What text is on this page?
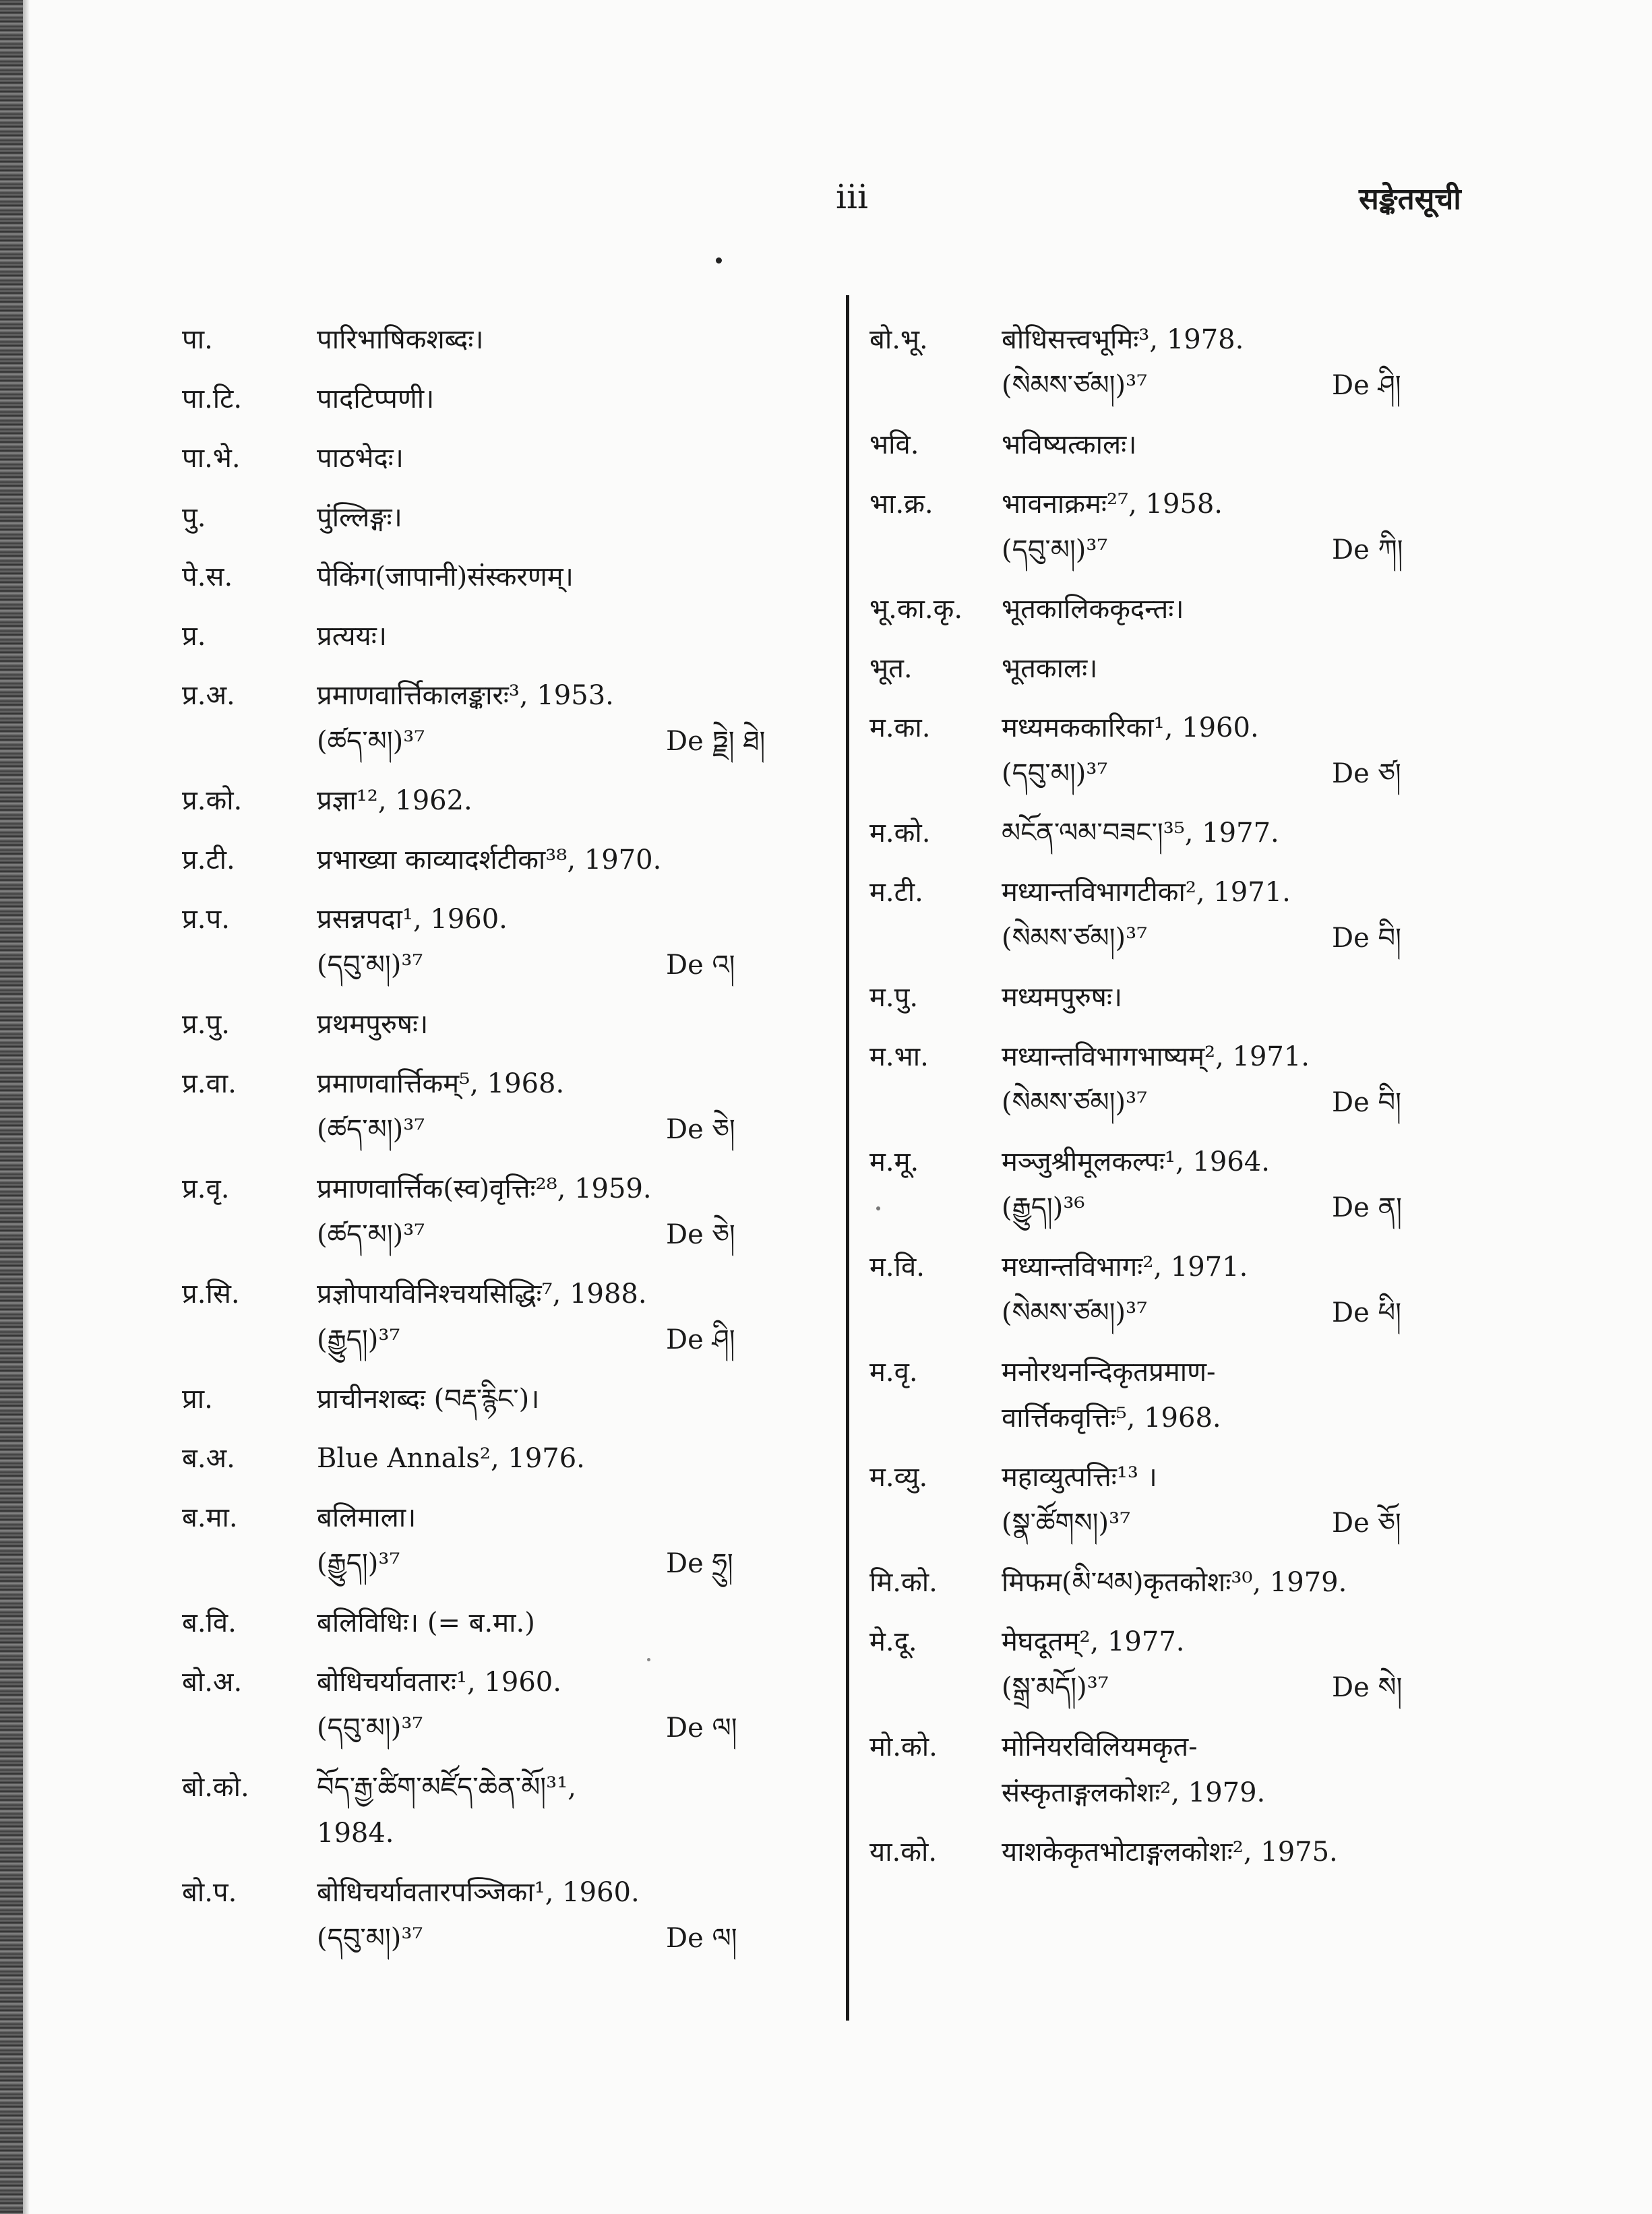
iii	सङ्केतसूची
पा.	पारिभाषिकशब्दः।
पा.टि.	पादटिप्पणी।
पा.भे.	पाठभेदः।
पु.	पुंल्लिङ्गः।
पे.स.	पेकिंग(जापानी)संस्करणम्।
प्र.	प्रत्ययः।
प्र.अ.	प्रमाणवार्त्तिकालङ्कारः³, 1953.
(ཚད་མ།)³⁷	De ཏྗེ། ཐེ།
प्र.को.	प्रज्ञा¹², 1962.
प्र.टी.	प्रभाख्या काव्यादर्शटीका³⁸, 1970.
प्र.प.	प्रसन्नपदा¹, 1960.
(དབུ་མ།)³⁷	De འ།
प्र.पु.	प्रथमपुरुषः।
प्र.वा.	प्रमाणवार्त्तिकम्⁵, 1968.
(ཚད་མ།)³⁷	De ཅེ།
प्र.वृ.	प्रमाणवार्त्तिक(स्व)वृत्तिः²⁸, 1959.
(ཚད་མ།)³⁷	De ཅེ།
प्र.सि.	प्रज्ञोपायविनिश्चयसिद्धिः⁷, 1988.
(རྒྱུད།)³⁷	De ཤི།
प्रा.	प्राचीनशब्दः (བརྡ་རྙིང་)।
ब.अ.	Blue Annals², 1976.
ब.मा.	बलिमाला।
(རྒྱུད།)³⁷	De ཧྲུ།
ब.वि.	बलिविधिः। (= ब.मा.)
बो.अ.	बोधिचर्यावतारः¹, 1960.
(དབུ་མ།)³⁷	De ལ།
बो.को.	བོད་རྒྱ་ཚིག་མཛོད་ཆེན་མོ།³¹,
1984.
बो.प.	बोधिचर्यावतारपञ्जिका¹, 1960.
(དབུ་མ།)³⁷	De ལ།
बो.भू.	बोधिसत्त्वभूमिः³, 1978.
(སེམས་ཙམ།)³⁷	De ཤི།
भवि.	भविष्यत्कालः।
भा.क्र.	भावनाक्रमः²⁷, 1958.
(དབུ་མ།)³⁷	De ཀི།
भू.का.कृ. भूतकालिककृदन्तः।
भूत.	भूतकालः।
म.का.	मध्यमककारिका¹, 1960.
(དབུ་མ།)³⁷	De ཙ།
म.को.	མངོན་ལམ་བཟང་།³⁵, 1977.
म.टी.	मध्यान्तविभागटीका², 1971.
(སེམས་ཙམ།)³⁷	De བི།
म.पु.	मध्यमपुरुषः।
म.भा.	मध्यान्तविभागभाष्यम्², 1971.
(སེམས་ཙམ།)³⁷	De བི།
म.मू.	मञ्जुश्रीमूलकल्पः¹, 1964.
(རྒྱུད།)³⁶	De ན།
म.वि.	मध्यान्तविभागः², 1971.
(སེམས་ཙམ།)³⁷	De ཕི།
म.वृ.	मनोरथनन्दिकृतप्रमाण-
वार्त्तिकवृत्तिः⁵, 1968.
म.व्यु.	महाव्युत्पत्तिः¹³ ।
(སྣ་ཚོགས།)³⁷	De ཅོ།
मि.को. मिफम(མི་ཕམ)कृतकोशः³⁰, 1979.
मे.दू.	मेघदूतम्², 1977.
(སྒྲ་མདོ།)³⁷	De སེ།
मो.को. मोनियरविलियमकृत-
संस्कृताङ्गलकोशः², 1979.
या.को. याशकेकृतभोटाङ्गलकोशः², 1975.
